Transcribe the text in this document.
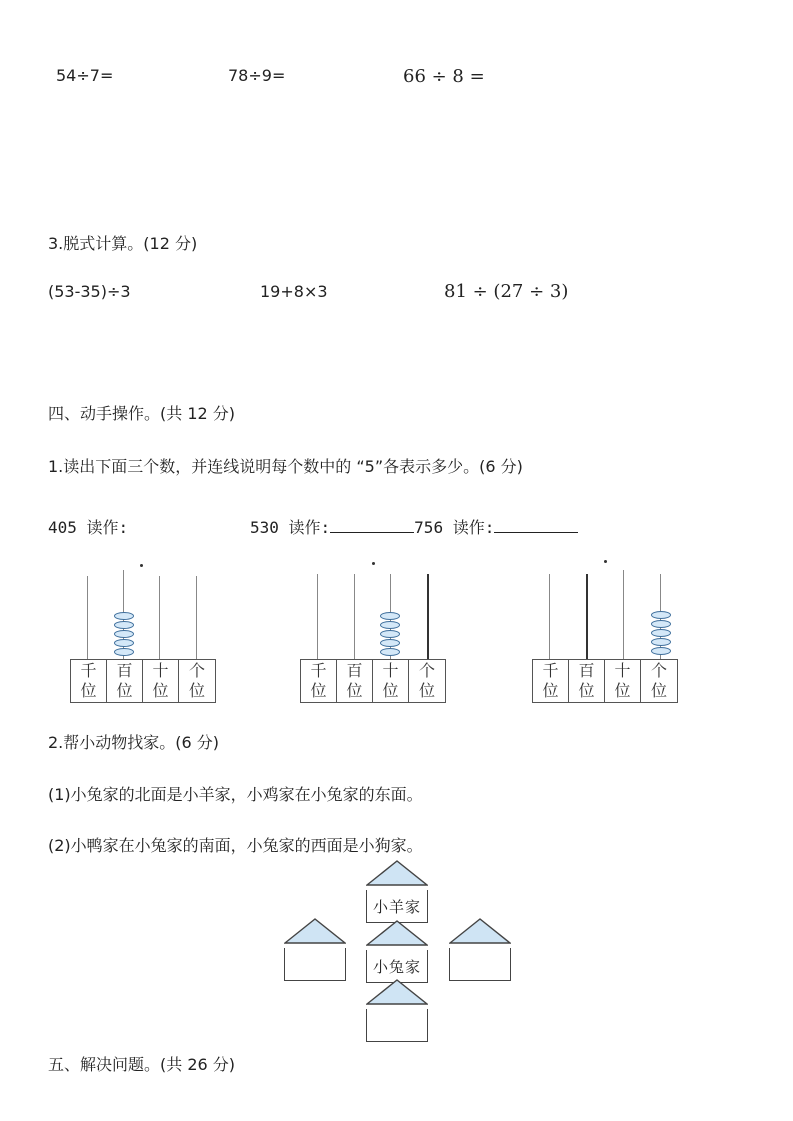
54÷7=	78÷9=	66 ÷ 8 =
3.脱式计算。(12 分)
(53-35)÷3	19+8×3	81 ÷ (27 ÷ 3)
四、动手操作。(共 12 分)
1.读出下面三个数，并连线说明每个数中的 “5”各表示多少。(6 分)
405 读作:	530 读作:	756 读作:
千
位
百
位
十
位
个
位
千
位
百
位
十
位
个
位
千
位
百
位
十
位
个
位
2.帮小动物找家。(6 分)
(1)小兔家的北面是小羊家，小鸡家在小兔家的东面。
(2)小鸭家在小兔家的南面，小兔家的西面是小狗家。
小羊家
小兔家
五、解决问题。(共 26 分)
